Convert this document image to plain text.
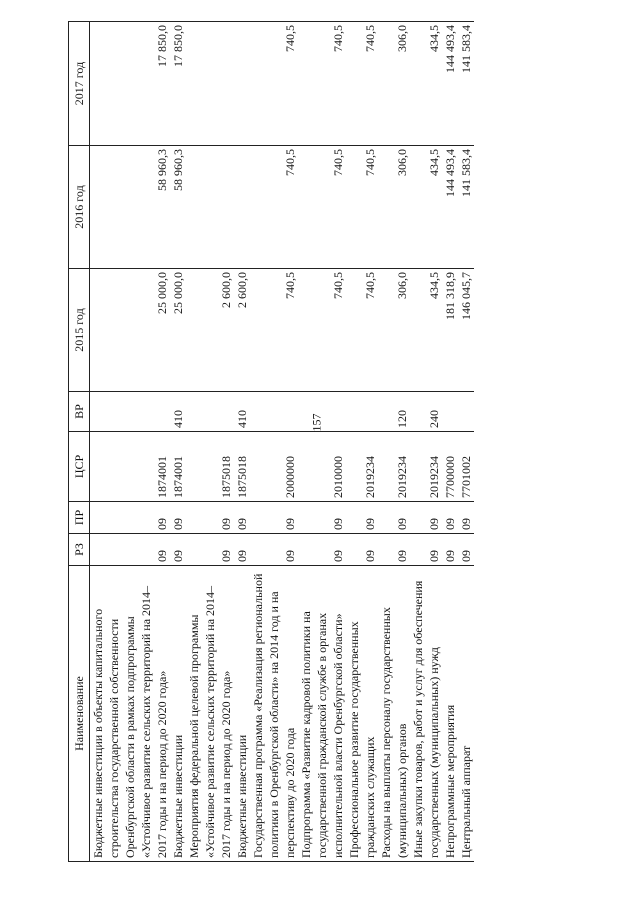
157
Наименование	РЗ	ПР	ЦСР	ВР	2015 год	2016 год	2017 год
Бюджетные инвестиции в объекты капитального строительства государственной собственности Оренбургской области в рамках подпрограммы «Устойчивое развитие сельских территорий на 2014–2017 годы и на период до 2020 года»	09	09	1874001		25 000,0	58 960,3	17 850,0
Бюджетные инвестиции	09	09	1874001	410	25 000,0	58 960,3	17 850,0
Мероприятия федеральной целевой программы «Устойчивое развитие сельских территорий на 2014–2017 годы и на период до 2020 года»	09	09	1875018		2 600,0		
Бюджетные инвестиции	09	09	1875018	410	2 600,0		
Государственная программа «Реализация региональной политики в Оренбургской области» на 2014 год и на перспективу до 2020 года	09	09	2000000		740,5	740,5	740,5
Подпрограмма «Развитие кадровой политики на государственной гражданской службе в органах исполнительной власти Оренбургской области»	09	09	2010000		740,5	740,5	740,5
Профессиональное развитие государственных гражданских служащих	09	09	2019234		740,5	740,5	740,5
Расходы на выплаты персоналу государственных (муниципальных) органов	09	09	2019234	120	306,0	306,0	306,0
Иные закупки товаров, работ и услуг для обеспечения государственных (муниципальных) нужд	09	09	2019234	240	434,5	434,5	434,5
Непрограммные мероприятия	09	09	7700000		181 318,9	144 493,4	144 493,4
Центральный аппарат	09	09	7701002		146 045,7	141 583,4	141 583,4
